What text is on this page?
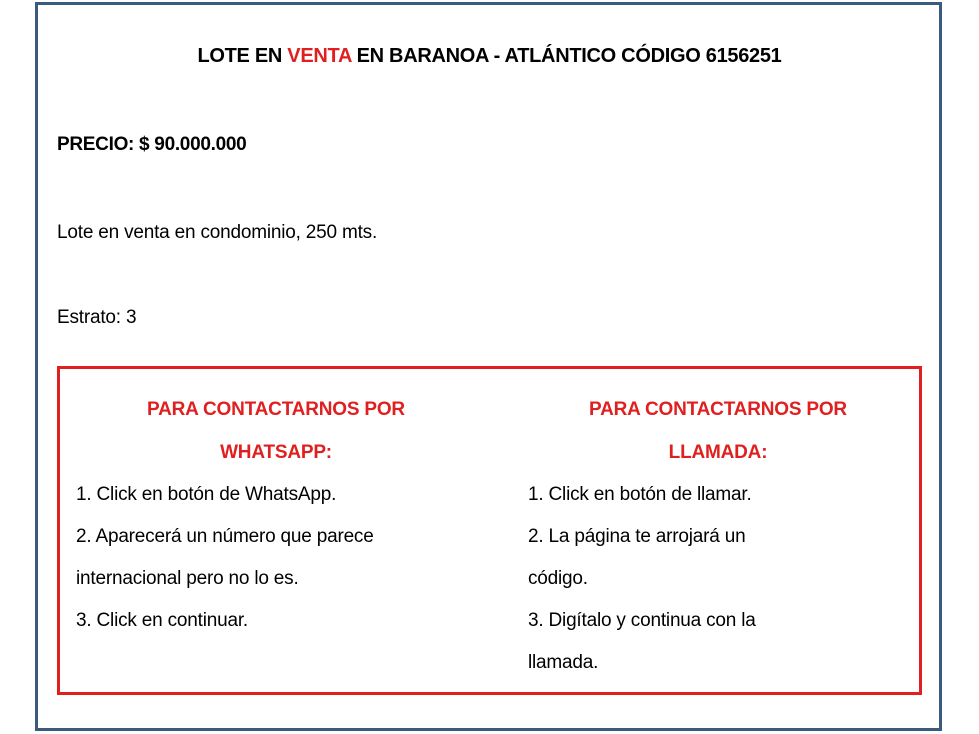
LOTE EN VENTA EN BARANOA - ATLÁNTICO CÓDIGO 6156251
PRECIO: $ 90.000.000
Lote en venta en condominio, 250 mts.
Estrato: 3
PARA CONTACTARNOS POR
WHATSAPP:
1. Click en botón de WhatsApp.
2. Aparecerá un número que parece
internacional pero no lo es.
3. Click en continuar.
PARA CONTACTARNOS POR
LLAMADA:
1. Click en botón de llamar.
2. La página te arrojará un
código.
3. Digítalo y continua con la
llamada.
